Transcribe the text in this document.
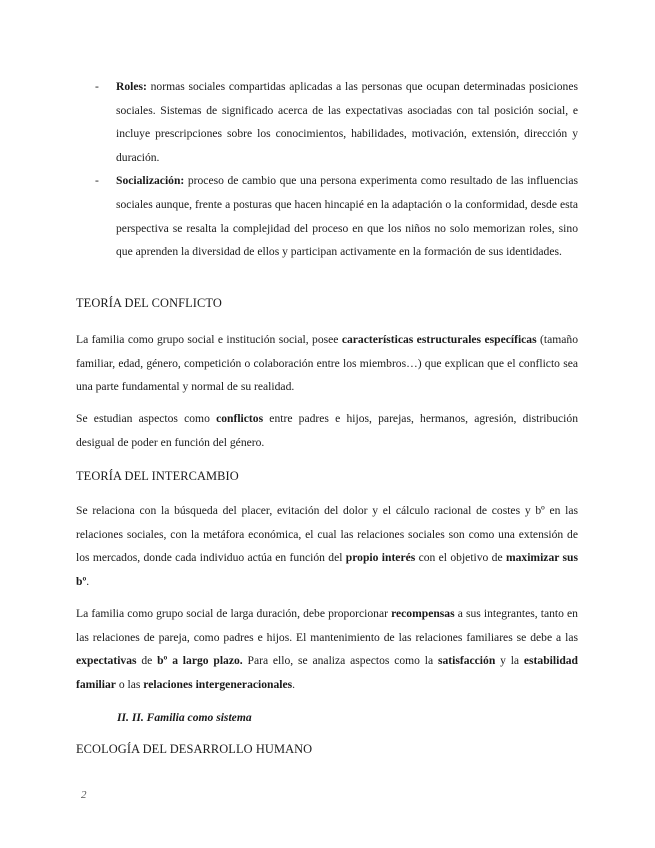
- Roles: normas sociales compartidas aplicadas a las personas que ocupan determinadas posiciones sociales. Sistemas de significado acerca de las expectativas asociadas con tal posición social, e incluye prescripciones sobre los conocimientos, habilidades, motivación, extensión, dirección y duración.
- Socialización: proceso de cambio que una persona experimenta como resultado de las influencias sociales aunque, frente a posturas que hacen hincapié en la adaptación o la conformidad, desde esta perspectiva se resalta la complejidad del proceso en que los niños no solo memorizan roles, sino que aprenden la diversidad de ellos y participan activamente en la formación de sus identidades.
TEORÍA DEL CONFLICTO

La familia como grupo social e institución social, posee características estructurales específicas (tamaño familiar, edad, género, competición o colaboración entre los miembros…) que explican que el conflicto sea una parte fundamental y normal de su realidad.

Se estudian aspectos como conflictos entre padres e hijos, parejas, hermanos, agresión, distribución desigual de poder en función del género.

TEORÍA DEL INTERCAMBIO

Se relaciona con la búsqueda del placer, evitación del dolor y el cálculo racional de costes y bº en las relaciones sociales, con la metáfora económica, el cual las relaciones sociales son como una extensión de los mercados, donde cada individuo actúa en función del propio interés con el objetivo de maximizar sus bº.

La familia como grupo social de larga duración, debe proporcionar recompensas a sus integrantes, tanto en las relaciones de pareja, como padres e hijos. El mantenimiento de las relaciones familiares se debe a las expectativas de bº a largo plazo. Para ello, se analiza aspectos como la satisfacción y la estabilidad familiar o las relaciones intergeneracionales.

II. II. Familia como sistema
ECOLOGÍA DEL DESARROLLO HUMANO

2
